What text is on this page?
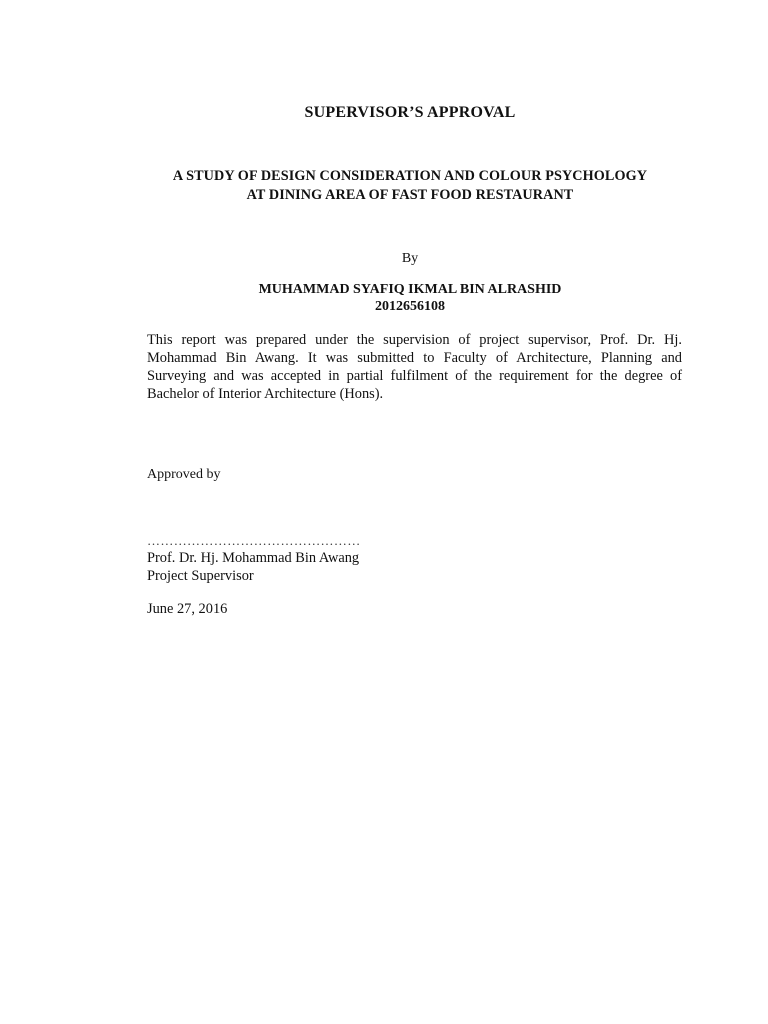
SUPERVISOR’S APPROVAL
A STUDY OF DESIGN CONSIDERATION AND COLOUR PSYCHOLOGY
AT DINING AREA OF FAST FOOD RESTAURANT
By
MUHAMMAD SYAFIQ IKMAL BIN ALRASHID
2012656108
This report was prepared under the supervision of project supervisor, Prof. Dr. Hj. Mohammad Bin Awang. It was submitted to Faculty of Architecture, Planning and Surveying and was accepted in partial fulfilment of the requirement for the degree of Bachelor of Interior Architecture (Hons).
Approved by
…………………………………………
Prof. Dr. Hj. Mohammad Bin Awang
Project Supervisor
June 27, 2016
